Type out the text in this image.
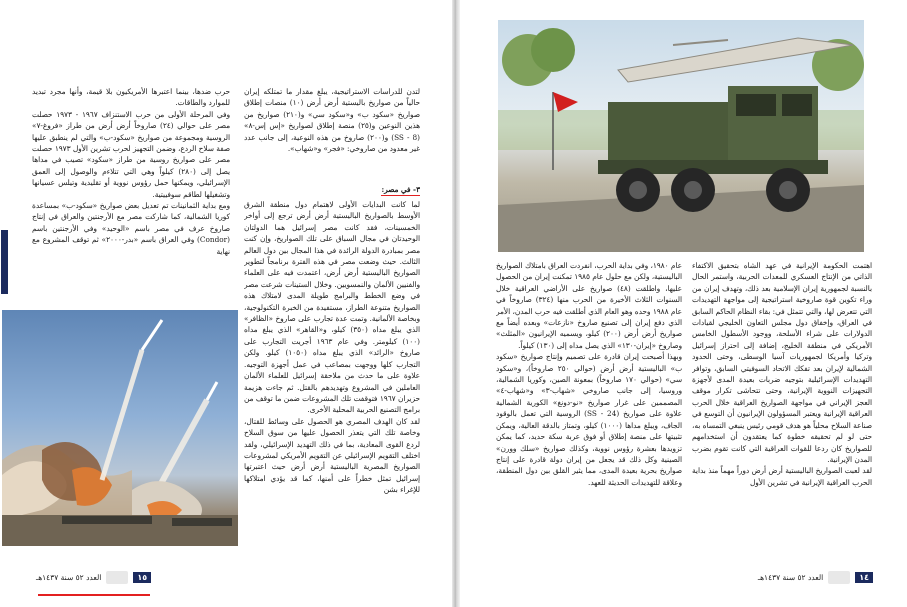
لتدن للدراسات الاستراتيجية، يبلغ مقدار ما تمتلكه إيران حالياً من صواريخ باليستية أرض أرض (١٠) منصات إطلاق صواريخ «سكود ب» و«سكود سي» و(٢١٠) صواريخ من هذين النوعين و(٢٥) منصة إطلاق لصواريخ «إس إس-٨» (8 - SS) و(٢٠٠) صاروخ من هذه النوعية، إلى جانب عدد غير معدود من صاروخي: «فجر» و«شهاب».

٣- في مصر:

لما كانت البدايات الأولى لاهتمام دول منطقة الشرق الأوسط بالصواريخ الباليستية أرض أرض ترجع إلى أواخر الخمسينات، فقد كانت مصر إسرائيل هما الدولتان الوحيدتان في مجال السباق على تلك الصواريخ، وإن كنت مصر بمبادرة الدولة الرائدة في هذا المجال بين دول العالم الثالث. حيث وضعت مصر في هذه الفترة برنامجاً لتطوير الصواريخ الباليستية أرض أرض، اعتمدت فيه على العلماء والفنيين الألمان والنمسويين. وخلال الستينات شرعت مصر في وضع الخطط والبرامج طويلة المدى لامتلاك هذه الصواريخ متنوعة الطراز، مستفيدة من الخبرة التكنولوجية، وبخاصة الألمانية. وتمت عدة تجارب على صاروخ «الظافر» الذي يبلغ مداه (٣٥٠) كيلو، و«القاهر» الذي يبلغ مداه (١٠٠) كيلومتر. وفي عام ١٩٦٣ أجريت التجارب على صاروخ «الرائد» الذي يبلغ مداه (١٠٥٠) كيلو. ولكن التجارب كلها ووجهت بمصاعب في عمل أجهزة التوجيه. علاوة على ما حدث من ملاحقة إسرائيل للعلماء الألمان العاملين في المشروع وتهديدهم بالقتل. ثم جاءت هزيمة حزيران ١٩٦٧ فتوقفت تلك المشروعات ضمن ما توقف من برامج التصنيع الحربية المحلية الأخرى.

لقد كان الهدف المصري هو الحصول على وسائط للقتال، وخاصة تلك التي يتعذر الحصول عليها من سوق السلاح لردع القوى المعادية، بما في ذلك التهديد الإسرائيلي، ولقد اختلف التقويم الإسرائيلي عن التقويم الأمريكي لمشروعات الصواريخ المصرية الباليستية أرض أرض حيث اعتبرتها إسرائيل تمثل خطراً على أمنها، كما قد يؤدي امتلاكها للإغراء بشن

حرب ضدها، بينما اعتبرها الأمريكيون بلا قيمة، وأنها مجرد تبديد للموارد والطاقات.

وفي المرحلة الأولى من حرب الاستنزاف ١٩٦٧ - ١٩٧٣ حصلت مصر على حوالي (٢٤) صاروخاً أرض أرض من طراز «فروغ-٧» الروسية ومجموعة من صواريخ «سكود-ب» والتي لم ينطبق عليها صفة سلاح الردع، وضمن التجهيز لحرب تشرين الأول ١٩٧٣ حصلت مصر على صواريخ روسية من طراز «سكود» تصيب في مداها يصل إلى (٢٨٠) كيلواً وهي التي تتلاءم والوصول إلى العمق الإسرائيلي، ويمكنها حمل رؤوس نووية أو تقليدية وتيلس عسيانها وتشغيلها لطاقم سوفييتية.

ومع بداية الثمانينات تم تعديل بعض صواريخ «سكود-ب» بمساعدة كوريا الشمالية، كما شاركت مصر مع الأرجنتين والعراق في إنتاج صاروخ عرف في مصر باسم «الوحيد» وفي الأرجنتين باسم (Condor) وفي العراق باسم «بدر-٢٠٠٠» ثم توقف المشروع مع نهاية

١٥
العدد ٥٢ سنة ١٤٣٧هـ

اهتمت الحكومة الإيرانية في عهد الشاه بتحقيق الاكتفاء الذاتي من الإنتاج العسكري للمعدات الحربية، واستمر الحال بالنسبة لجمهورية إيران الإسلامية بعد ذلك، وتهدف إيران من وراء تكوين قوة صاروخية استراتيجية إلى مواجهة التهديدات التي تتعرض لها، والتي تتمثل في: بقاء النظام الحاكم السابق في العراق، وإخفاق دول مجلس التعاون الخليجي لقيادات الدولارات على شراء الأسلحة، ووجود الأسطول الخامس الأمريكي في منطقة الخليج، إضافة إلى احتراز إسرائيل وتركيا وأمريكا لجمهوريات آسيا الوسطى، وحتى الحدود الشمالية لإيران بعد تفكك الاتحاد السوفيتي السابق، وتوافر التهديدات الإسرائيلية بتوجيه ضربات بعيدة المدى لأجهزة التجهيزات النووية الإيرانية، وحتى تتحاشى تكرار موقف العجز الإيراني في مواجهة الصواريخ العراقية خلال الحرب العراقية الإيرانية ويعتبر المسؤولون الإيرانيون أن التوسع في صناعة السلاح محلياً هو هدف قومي رئيس ينبغي التمساه به، حتى لو لم تحقيقه خطوة كما يعتقدون أن استخدامهم للصواريخ كان ردعا للقوات العراقية التي كانت تقوم بضرب المدن الإيرانية.

لقد لعبت الصواريخ الباليستية أرض أرض دوراً مهماً منذ بداية الحرب العراقية الإيرانية في تشرين الأول

عام ١٩٨٠، وفي بداية الحرب، انفردت العراق بامتلاك الصواريخ الباليستية، ولكن مع حلول عام ١٩٨٥ تمكنت إيران من الحصول عليها، واطلقت (٤٨) صواريخ على الأراضي العراقية خلال السنوات الثلاث الأخيرة من الحرب منها (٣٢٤) صاروخاً في عام ١٩٨٨ وحده وهو العام الذي أطلقت فيه حرب المدن، الأمر الذي دفع إيران إلى تصنيع صاروخ «نازعات» وبعده أيضاً مع صواريخ أرض أرض (٢٠٠) كيلو، ويسميه الإيرانيون «المثلث» وصاروخ «إيران-١٣٠» الذي يصل مداه إلى (١٣٠) كيلواً.

وبهذا أصبحت إيران قادرة على تصميم وإنتاج صواريخ «سكود ب» الباليستية أرض أرض (حوالي ٢٥٠ صاروخاً)، و«سكود سي» (حوالي ١٧٠ صاروخاً) بمعونة الصين، وكوريا الشمالية، وروسيا، إلى جانب صاروخي «شهاب-٣» و«شهاب-٤» المصممين على غرار صواريخ «نو-دونغ» الكورية الشمالية علاوة على صواريخ (24 - SS) الروسية التي تعمل بالوقود الجاف، ويبلغ مداها (١٠٠٠) كيلو، وتمتاز بالدقة العالية، ويمكن تثبيتها على منصة إطلاق أو فوق عربة سكة حديد، كما يمكن تزويدها بعشرة رؤوس نووية، وكذلك صواريخ «سلك وورن» الصينية وكل ذلك قد يجعل من إيران دولة قادرة على إنتاج صواريخ بحرية بعيدة المدى، مما يثير القلق بين دول المنطقة، وعلاقة للتهديدات الحديثة للعهد.

١٤
العدد ٥٢ سنة ١٤٣٧هـ
